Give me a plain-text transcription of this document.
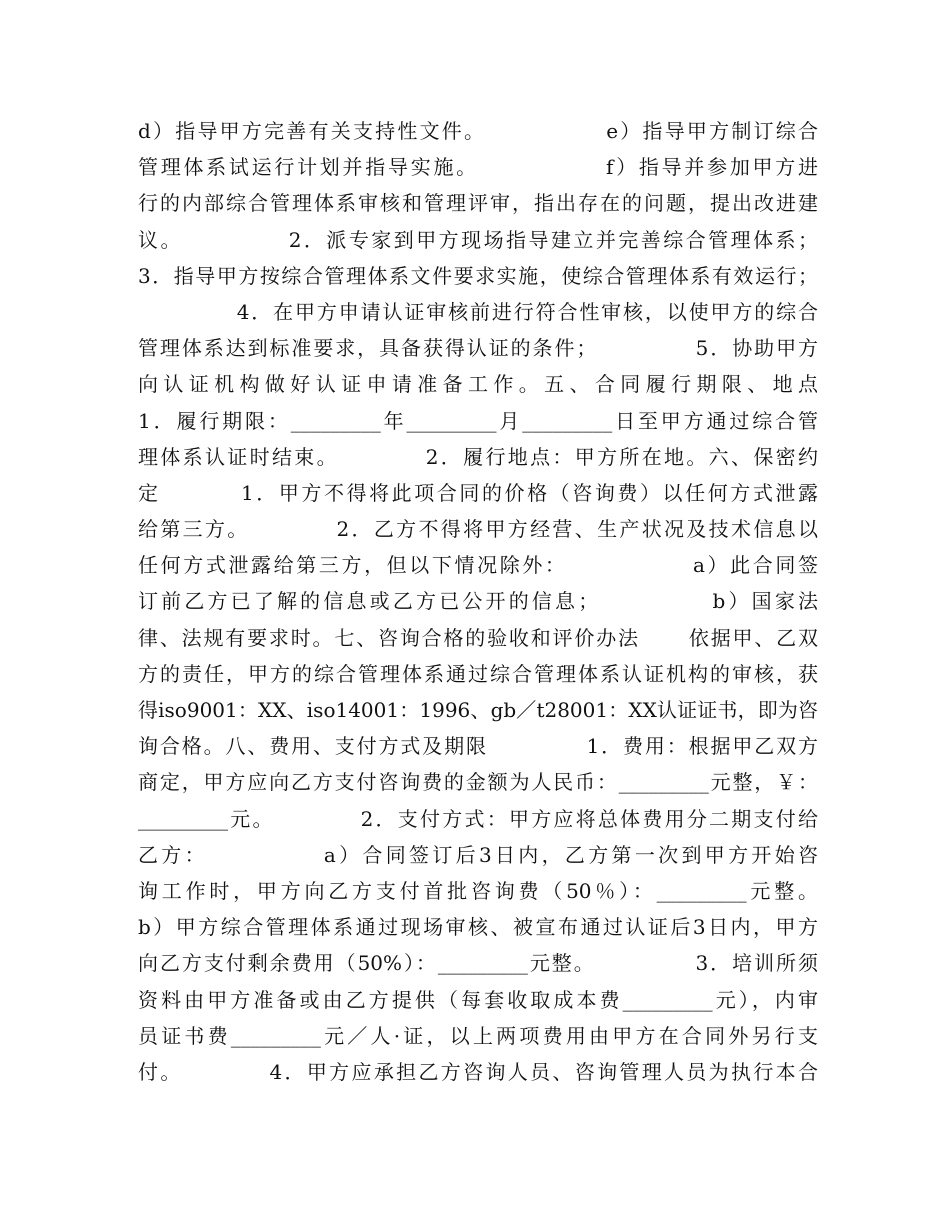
d）指导甲方完善有关支持性文件。              e）指导甲方制订综合
管理体系试运行计划并指导实施。              f）指导并参加甲方进
行的内部综合管理体系审核和管理评审，指出存在的问题，提出改进建
议。            2．派专家到甲方现场指导建立并完善综合管理体系；
3．指导甲方按综合管理体系文件要求实施，使综合管理体系有效运行；
4．在甲方申请认证审核前进行符合性审核，以使甲方的综合
管理体系达到标准要求，具备获得认证的条件；            5．协助甲方
向认证机构做好认证申请准备工作。五、合同履行期限、地点
1．履行期限：_________年_________月_________日至甲方通过综合管
理体系认证时结束。          2．履行地点：甲方所在地。六、保密约
定         1．甲方不得将此项合同的价格（咨询费）以任何方式泄露
给第三方。          2．乙方不得将甲方经营、生产状况及技术信息以
任何方式泄露给第三方，但以下情况除外：              a）此合同签
订前乙方已了解的信息或乙方已公开的信息；            b）国家法
律、法规有要求时。七、咨询合格的验收和评价办法      依据甲、乙双
方的责任，甲方的综合管理体系通过综合管理体系认证机构的审核，获
得iso9001：XX、iso14001：1996、gb／t28001：XX认证证书，即为咨
询合格。八、费用、支付方式及期限            1．费用：根据甲乙双方
商定，甲方应向乙方支付咨询费的金额为人民币：_________元整，￥：
_________元。          2．支付方式：甲方应将总体费用分二期支付给
乙方：            a）合同签订后3日内，乙方第一次到甲方开始咨
询工作时，甲方向乙方支付首批咨询费（50％）：_________元整。
b）甲方综合管理体系通过现场审核、被宣布通过认证后3日内，甲方
向乙方支付剩余费用（50%）：_________元整。            3．培训所须
资料由甲方准备或由乙方提供（每套收取成本费_________元），内审
员证书费_________元／人·证，以上两项费用由甲方在合同外另行支
付。          4．甲方应承担乙方咨询人员、咨询管理人员为执行本合
